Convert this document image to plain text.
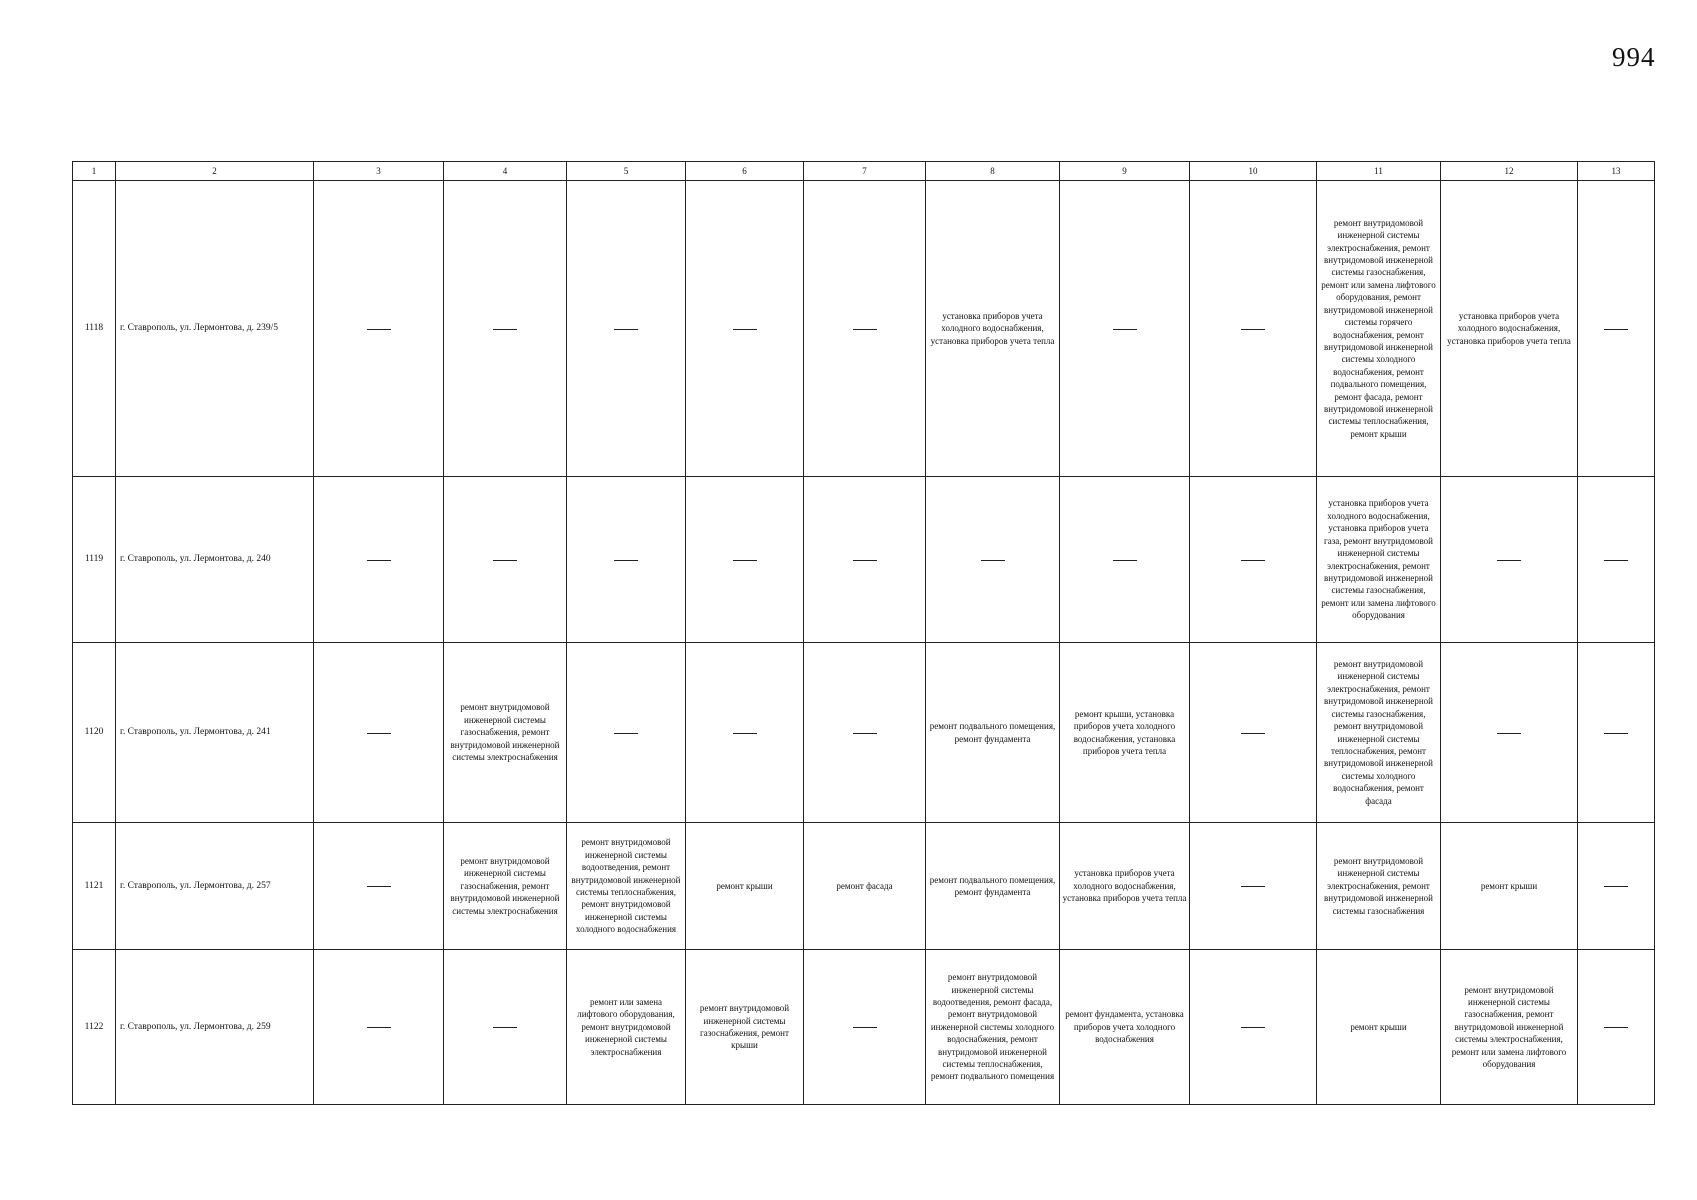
994
1	2	3	4	5	6	7	8	9	10	11	12	13
1118	г. Ставрополь, ул. Лермонтова, д. 239/5						установка приборов учета холодного водоснабжения, установка приборов учета тепла			ремонт внутридомовой инженерной системы электроснабжения, ремонт внутридомовой инженерной системы газоснабжения, ремонт или замена лифтового оборудования, ремонт внутридомовой инженерной системы горячего водоснабжения, ремонт внутридомовой инженерной системы холодного водоснабжения, ремонт подвального помещения, ремонт фасада, ремонт внутридомовой инженерной системы теплоснабжения, ремонт крыши	установка приборов учета холодного водоснабжения, установка приборов учета тепла	
1119	г. Ставрополь, ул. Лермонтова, д. 240									установка приборов учета холодного водоснабжения, установка приборов учета газа, ремонт внутридомовой инженерной системы электроснабжения, ремонт внутридомовой инженерной системы газоснабжения, ремонт или замена лифтового оборудования		
1120	г. Ставрополь, ул. Лермонтова, д. 241		ремонт внутридомовой инженерной системы газоснабжения, ремонт внутридомовой инженерной системы электроснабжения				ремонт подвального помещения, ремонт фундамента	ремонт крыши, установка приборов учета холодного водоснабжения, установка приборов учета тепла		ремонт внутридомовой инженерной системы электроснабжения, ремонт внутридомовой инженерной системы газоснабжения, ремонт внутридомовой инженерной системы теплоснабжения, ремонт внутридомовой инженерной системы холодного водоснабжения, ремонт фасада		
1121	г. Ставрополь, ул. Лермонтова, д. 257		ремонт внутридомовой инженерной системы газоснабжения, ремонт внутридомовой инженерной системы электроснабжения	ремонт внутридомовой инженерной системы водоотведения, ремонт внутридомовой инженерной системы теплоснабжения, ремонт внутридомовой инженерной системы холодного водоснабжения	ремонт крыши	ремонт фасада	ремонт подвального помещения, ремонт фундамента	установка приборов учета холодного водоснабжения, установка приборов учета тепла		ремонт внутридомовой инженерной системы электроснабжения, ремонт внутридомовой инженерной системы газоснабжения	ремонт крыши	
1122	г. Ставрополь, ул. Лермонтова, д. 259			ремонт или замена лифтового оборудования, ремонт внутридомовой инженерной системы электроснабжения	ремонт внутридомовой инженерной системы газоснабжения, ремонт крыши		ремонт внутридомовой инженерной системы водоотведения, ремонт фасада, ремонт внутридомовой инженерной системы холодного водоснабжения, ремонт внутридомовой инженерной системы теплоснабжения, ремонт подвального помещения	ремонт фундамента, установка приборов учета холодного водоснабжения		ремонт крыши	ремонт внутридомовой инженерной системы газоснабжения, ремонт внутридомовой инженерной системы электроснабжения, ремонт или замена лифтового оборудования	
